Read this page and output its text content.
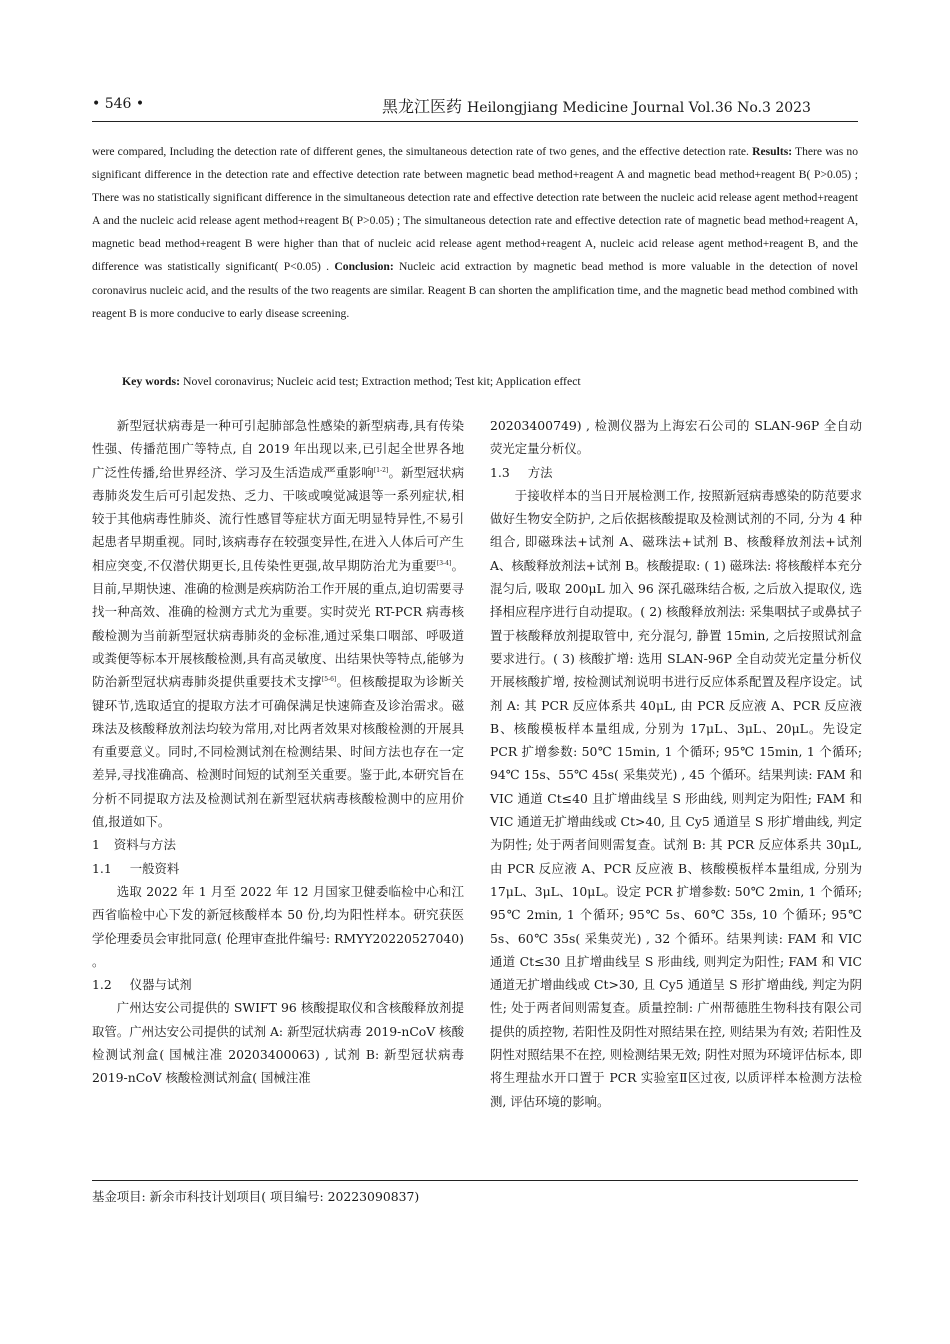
• 546 •	黑龙江医药 Heilongjiang Medicine Journal Vol.36 No.3 2023
were compared, Including the detection rate of different genes, the simultaneous detection rate of two genes, and the effective detection rate. Results: There was no significant difference in the detection rate and effective detection rate between magnetic bead method+reagent A and magnetic bead method+reagent B( P>0.05) ; There was no statistically significant difference in the simultaneous detection rate and effective detection rate between the nucleic acid release agent method+reagent A and the nucleic acid release agent method+reagent B( P>0.05) ; The simultaneous detection rate and effective detection rate of magnetic bead method+reagent A, magnetic bead method+reagent B were higher than that of nucleic acid release agent method+reagent A, nucleic acid release agent method+reagent B, and the difference was statistically significant( P<0.05) . Conclusion: Nucleic acid extraction by magnetic bead method is more valuable in the detection of novel coronavirus nucleic acid, and the results of the two reagents are similar. Reagent B can shorten the amplification time, and the magnetic bead method combined with reagent B is more conducive to early disease screening.
Key words: Novel coronavirus; Nucleic acid test; Extraction method; Test kit; Application effect

新型冠状病毒是一种可引起肺部急性感染的新型病毒,具有传染性强、传播范围广等特点, 自 2019 年出现以来,已引起全世界各地广泛性传播,给世界经济、学习及生活造成严重影响[1-2]。新型冠状病毒肺炎发生后可引起发热、乏力、干咳或嗅觉减退等一系列症状,相较于其他病毒性肺炎、流行性感冒等症状方面无明显特异性,不易引起患者早期重视。同时,该病毒存在较强变异性,在进入人体后可产生相应突变,不仅潜伏期更长,且传染性更强,故早期防治尤为重要[3-4]。目前,早期快速、准确的检测是疾病防治工作开展的重点,迫切需要寻找一种高效、准确的检测方式尤为重要。实时荧光 RT-PCR 病毒核酸检测为当前新型冠状病毒肺炎的金标准,通过采集口咽部、呼吸道或粪便等标本开展核酸检测,具有高灵敏度、出结果快等特点,能够为防治新型冠状病毒肺炎提供重要技术支撑[5-6]。但核酸提取为诊断关键环节,选取适宜的提取方法才可确保满足快速筛查及诊治需求。磁珠法及核酸释放剂法均较为常用,对比两者效果对核酸检测的开展具有重要意义。同时,不同检测试剂在检测结果、时间方法也存在一定差异,寻找准确高、检测时间短的试剂至关重要。鉴于此,本研究旨在分析不同提取方法及检测试剂在新型冠状病毒核酸检测中的应用价值,报道如下。

1 资料与方法

1.1 一般资料

选取 2022 年 1 月至 2022 年 12 月国家卫健委临检中心和江西省临检中心下发的新冠核酸样本 50 份,均为阳性样本。研究获医学伦理委员会审批同意( 伦理审查批件编号: RMYY20220527040) 。

1.2 仪器与试剂

广州达安公司提供的 SWIFT 96 核酸提取仪和含核酸释放剂提取管。广州达安公司提供的试剂 A: 新型冠状病毒 2019-nCoV 核酸检测试剂盒( 国械注准 20203400063) , 试剂 B: 新型冠状病毒 2019-nCoV 核酸检测试剂盒( 国械注准

20203400749) , 检测仪器为上海宏石公司的 SLAN-96P 全自动荧光定量分析仪。

1.3 方法

于接收样本的当日开展检测工作, 按照新冠病毒感染的防范要求做好生物安全防护, 之后依据核酸提取及检测试剂的不同, 分为 4 种组合, 即磁珠法+试剂 A、磁珠法+试剂 B、核酸释放剂法+试剂 A、核酸释放剂法+试剂 B。核酸提取: ( 1) 磁珠法: 将核酸样本充分混匀后, 吸取 200μL 加入 96 深孔磁珠结合板, 之后放入提取仪, 选择相应程序进行自动提取。( 2) 核酸释放剂法: 采集咽拭子或鼻拭子置于核酸释放剂提取管中, 充分混匀, 静置 15min, 之后按照试剂盒要求进行。( 3) 核酸扩增: 选用 SLAN-96P 全自动荧光定量分析仪开展核酸扩增, 按检测试剂说明书进行反应体系配置及程序设定。试剂 A: 其 PCR 反应体系共 40μL, 由 PCR 反应液 A、PCR 反应液 B、核酸模板样本量组成, 分别为 17μL、3μL、20μL。先设定 PCR 扩增参数: 50℃ 15min, 1 个循环; 95℃ 15min, 1 个循环; 94℃ 15s、55℃ 45s( 采集荧光) , 45 个循环。结果判读: FAM 和 VIC 通道 Ct≤40 且扩增曲线呈 S 形曲线, 则判定为阳性; FAM 和 VIC 通道无扩增曲线或 Ct>40, 且 Cy5 通道呈 S 形扩增曲线, 判定为阴性; 处于两者间则需复查。试剂 B: 其 PCR 反应体系共 30μL, 由 PCR 反应液 A、PCR 反应液 B、核酸模板样本量组成, 分别为 17μL、3μL、10μL。设定 PCR 扩增参数: 50℃ 2min, 1 个循环; 95℃ 2min, 1 个循环; 95℃ 5s、60℃ 35s, 10 个循环; 95℃ 5s、60℃ 35s( 采集荧光) , 32 个循环。结果判读: FAM 和 VIC 通道 Ct≤30 且扩增曲线呈 S 形曲线, 则判定为阳性; FAM 和 VIC 通道无扩增曲线或 Ct>30, 且 Cy5 通道呈 S 形扩增曲线, 判定为阴性; 处于两者间则需复查。质量控制: 广州帮德胜生物科技有限公司提供的质控物, 若阳性及阴性对照结果在控, 则结果为有效; 若阳性及阴性对照结果不在控, 则检测结果无效; 阴性对照为环境评估标本, 即将生理盐水开口置于 PCR 实验室Ⅱ区过夜, 以质评样本检测方法检测, 评估环境的影响。

基金项目: 新余市科技计划项目( 项目编号: 20223090837)
